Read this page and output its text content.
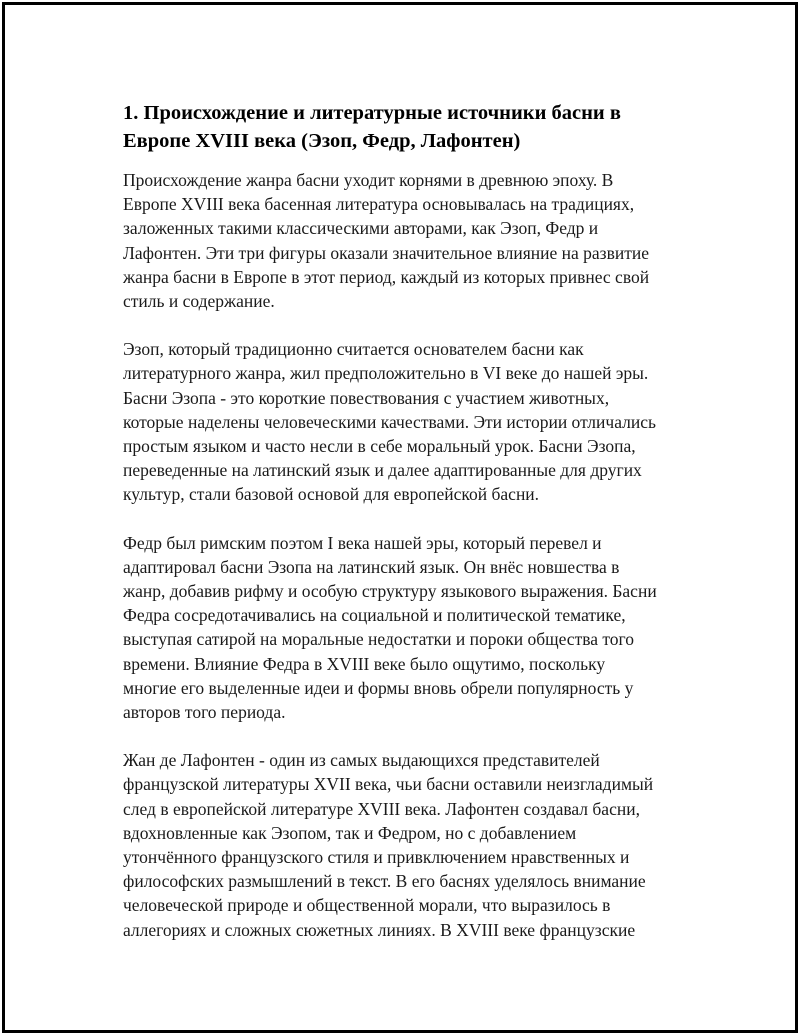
1. Происхождение и литературные источники басни в
Европе XVIII века (Эзоп, Федр, Лафонтен)

Происхождение жанра басни уходит корнями в древнюю эпоху. В
Европе XVIII века басенная литература основывалась на традициях,
заложенных такими классическими авторами, как Эзоп, Федр и
Лафонтен. Эти три фигуры оказали значительное влияние на развитие
жанра басни в Европе в этот период, каждый из которых привнес свой
стиль и содержание.

Эзоп, который традиционно считается основателем басни как
литературного жанра, жил предположительно в VI веке до нашей эры.
Басни Эзопа - это короткие повествования с участием животных,
которые наделены человеческими качествами. Эти истории отличались
простым языком и часто несли в себе моральный урок. Басни Эзопа,
переведенные на латинский язык и далее адаптированные для других
культур, стали базовой основой для европейской басни.

Федр был римским поэтом I века нашей эры, который перевел и
адаптировал басни Эзопа на латинский язык. Он внёс новшества в
жанр, добавив рифму и особую структуру языкового выражения. Басни
Федра сосредотачивались на социальной и политической тематике,
выступая сатирой на моральные недостатки и пороки общества того
времени. Влияние Федра в XVIII веке было ощутимо, поскольку
многие его выделенные идеи и формы вновь обрели популярность у
авторов того периода.

Жан де Лафонтен - один из самых выдающихся представителей
французской литературы XVII века, чьи басни оставили неизгладимый
след в европейской литературе XVIII века. Лафонтен создавал басни,
вдохновленные как Эзопом, так и Федром, но с добавлением
утончённого французского стиля и привключением нравственных и
философских размышлений в текст. В его баснях уделялось внимание
человеческой природе и общественной морали, что выразилось в
аллегориях и сложных сюжетных линиях. В XVIII веке французские
